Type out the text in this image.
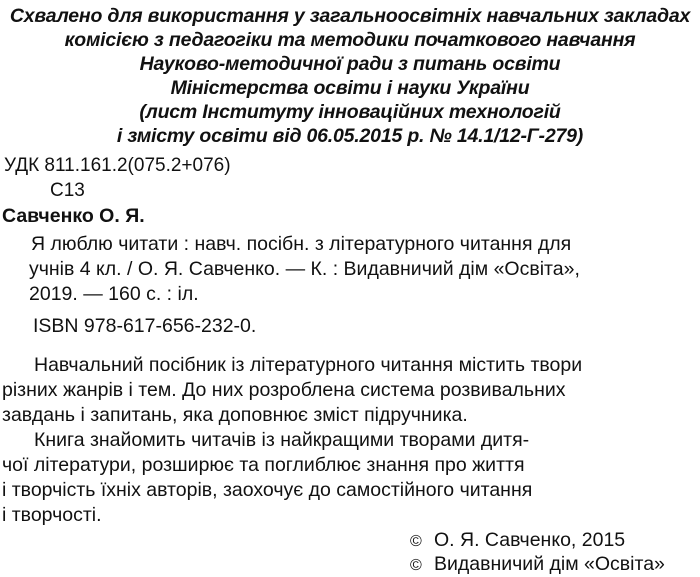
Схвалено для використання у загальноосвітніх навчальних закладах
комісією з педагогіки та методики початкового навчання
Науково-методичної ради з питань освіти
Міністерства освіти і науки України
(лист Інституту інноваційних технологій
і змісту освіти від 06.05.2015 р. № 14.1/12-Г-279)
УДК 811.161.2(075.2+076)
С13
Савченко О. Я.
Я люблю читати : навч. посібн. з літературного читання для
учнів 4 кл. / О. Я. Савченко. — К. : Видавничий дім «Освіта»,
2019. — 160 с. : іл.
ISBN 978-617-656-232-0.
Навчальний посібник із літературного читання містить твори
різних жанрів і тем. До них розроблена система розвивальних
завдань і запитань, яка доповнює зміст підручника.
Книга знайомить читачів із найкращими творами дитя-
чої літератури, розширює та поглиблює знання про життя
і творчість їхніх авторів, заохочує до самостійного читання
і творчості.
© О. Я. Савченко, 2015
© Видавничий дім «Освіта»
